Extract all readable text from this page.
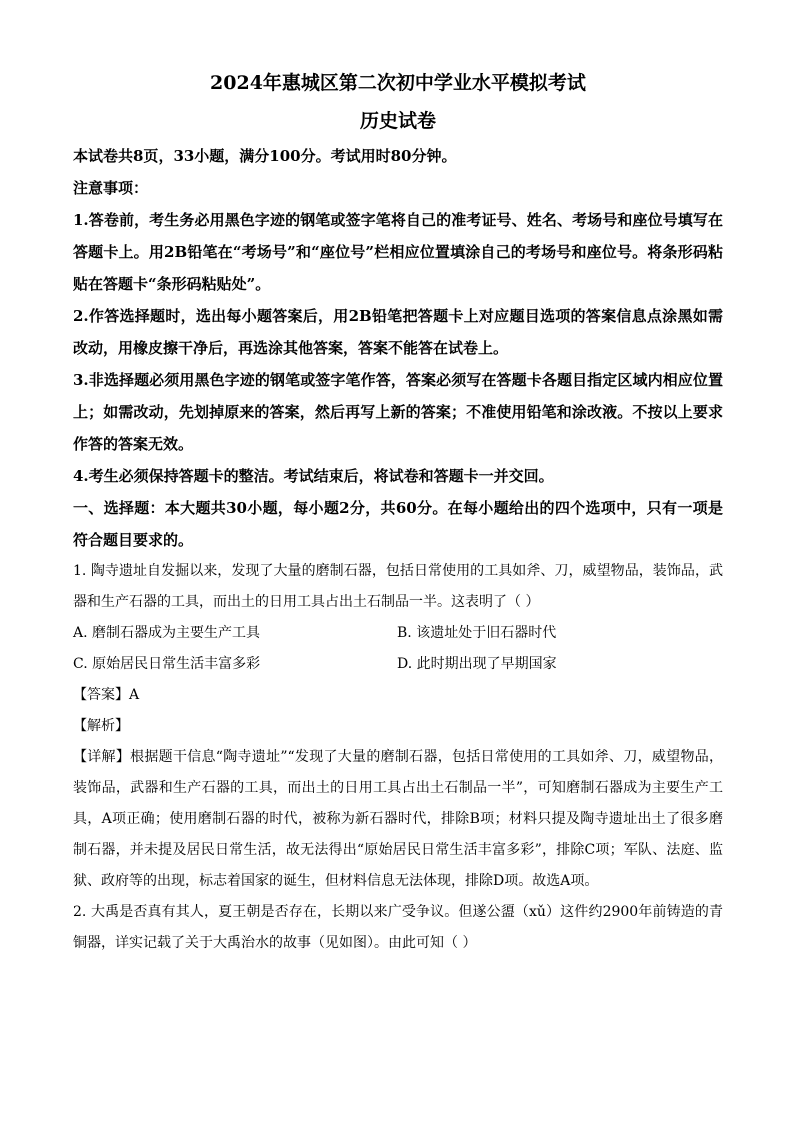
2024年惠城区第二次初中学业水平模拟考试
历史试卷

本试卷共8页，33小题，满分100分。考试用时80分钟。

注意事项：

1.答卷前，考生务必用黑色字迹的钢笔或签字笔将自己的准考证号、姓名、考场号和座位号填写在答题卡上。用2B铅笔在“考场号”和“座位号”栏相应位置填涂自己的考场号和座位号。将条形码粘贴在答题卡“条形码粘贴处”。

2.作答选择题时，选出每小题答案后，用2B铅笔把答题卡上对应题目选项的答案信息点涂黑如需改动，用橡皮擦干净后，再选涂其他答案，答案不能答在试卷上。

3.非选择题必须用黑色字迹的钢笔或签字笔作答，答案必须写在答题卡各题目指定区域内相应位置上；如需改动，先划掉原来的答案，然后再写上新的答案；不准使用铅笔和涂改液。不按以上要求作答的答案无效。

4.考生必须保持答题卡的整洁。考试结束后，将试卷和答题卡一并交回。

一、选择题：本大题共30小题，每小题2分，共60分。在每小题给出的四个选项中，只有一项是符合题目要求的。

1. 陶寺遗址自发掘以来，发现了大量的磨制石器，包括日常使用的工具如斧、刀，威望物品，装饰品，武器和生产石器的工具，而出土的日用工具占出土石制品一半。这表明了（ ）

A. 磨制石器成为主要生产工具	B. 该遗址处于旧石器时代
C. 原始居民日常生活丰富多彩	D. 此时期出现了早期国家

【答案】A

【解析】

【详解】根据题干信息“陶寺遗址”“发现了大量的磨制石器，包括日常使用的工具如斧、刀，威望物品，装饰品，武器和生产石器的工具，而出土的日用工具占出土石制品一半”，可知磨制石器成为主要生产工具，A项正确；使用磨制石器的时代，被称为新石器时代，排除B项；材料只提及陶寺遗址出土了很多磨制石器，并未提及居民日常生活，故无法得出“原始居民日常生活丰富多彩”，排除C项；军队、法庭、监狱、政府等的出现，标志着国家的诞生，但材料信息无法体现，排除D项。故选A项。

2. 大禹是否真有其人，夏王朝是否存在，长期以来广受争议。但遂公盨（xǔ）这件约2900年前铸造的青铜器，详实记载了关于大禹治水的故事（见如图）。由此可知（ ）
